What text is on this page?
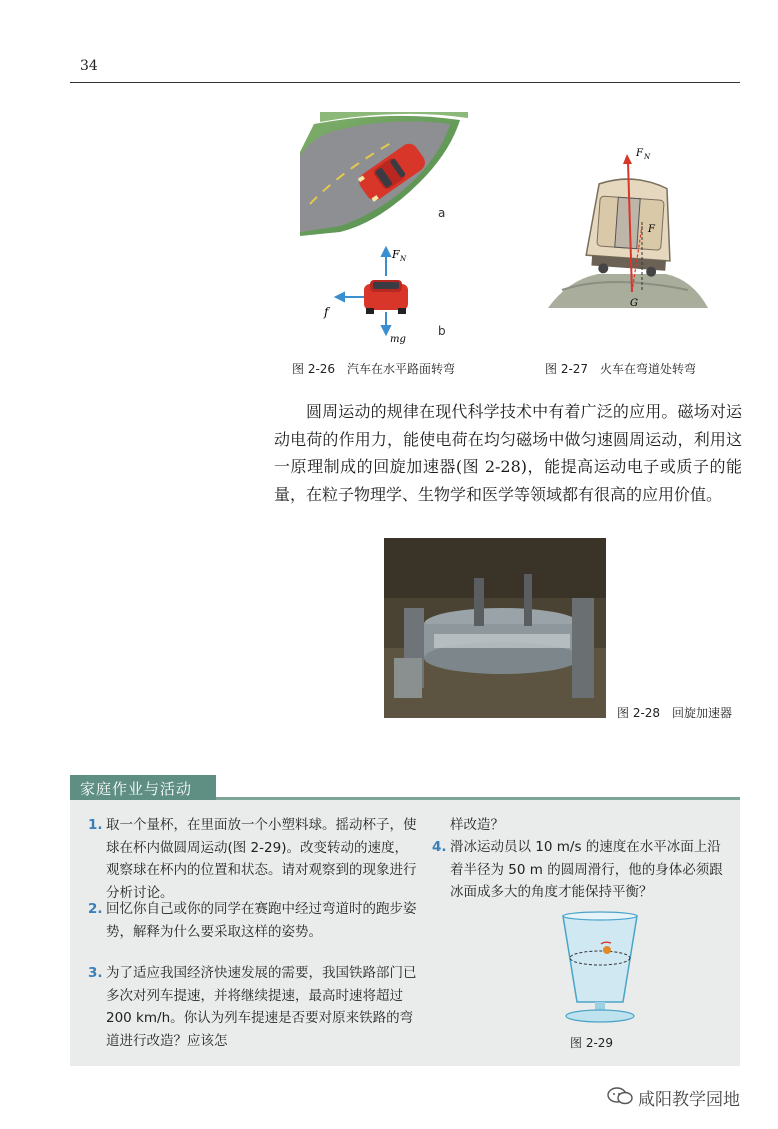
34
a
F N
f
mg
b
F N
F
G
图 2-26　汽车在水平路面转弯	图 2-27　火车在弯道处转弯

圆周运动的规律在现代科学技术中有着广泛的应用。磁场对运动电荷的作用力，能使电荷在均匀磁场中做匀速圆周运动，利用这一原理制成的回旋加速器(图 2-28)，能提高运动电子或质子的能量，在粒子物理学、生物学和医学等领域都有很高的应用价值。

图 2-28　回旋加速器
家庭作业与活动
1. 取一个量杯，在里面放一个小塑料球。摇动杯子，使球在杯内做圆周运动(图 2-29)。改变转动的速度，观察球在杯内的位置和状态。请对观察到的现象进行分析讨论。
2. 回忆你自己或你的同学在赛跑中经过弯道时的跑步姿势，解释为什么要采取这样的姿势。
3. 为了适应我国经济快速发展的需要，我国铁路部门已多次对列车提速，并将继续提速，最高时速将超过 200 km/h。你认为列车提速是否要对原来铁路的弯道进行改造？应该怎
样改造？
4. 滑冰运动员以 10 m/s 的速度在水平冰面上沿着半径为 50 m 的圆周滑行，他的身体必须跟冰面成多大的角度才能保持平衡？
图 2-29
咸阳教学园地
